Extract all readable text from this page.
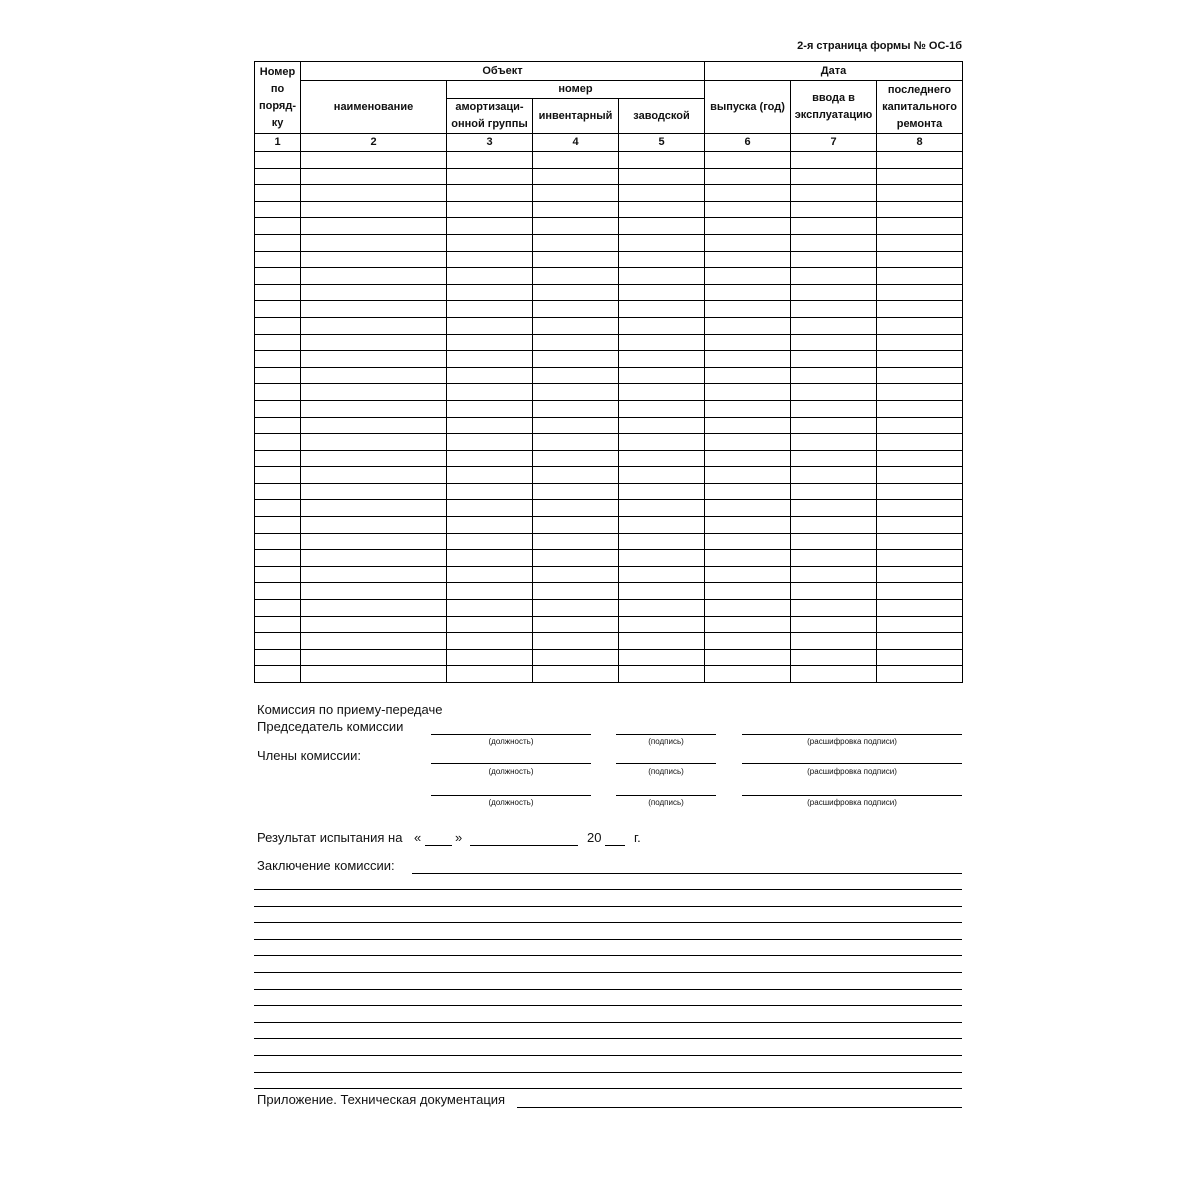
2-я страница формы № ОС-1б
Номер по поряд-ку	Объект				Дата		
	наименование	номер			выпуска (год)	ввода в эксплуатацию	последнего капитального ремонта
		амортизаци-онной группы	инвентарный	заводской			
1	2	3	4	5	6	7	8

Комиссия по приему-передаче
Председатель комиссии
(должность)	(подпись)	(расшифровка подписи)
Члены комиссии:
(должность)	(подпись)	(расшифровка подписи)
(должность)	(подпись)	(расшифровка подписи)
Результат испытания на «	»	20	г.
Заключение комиссии:
Приложение. Техническая документация
